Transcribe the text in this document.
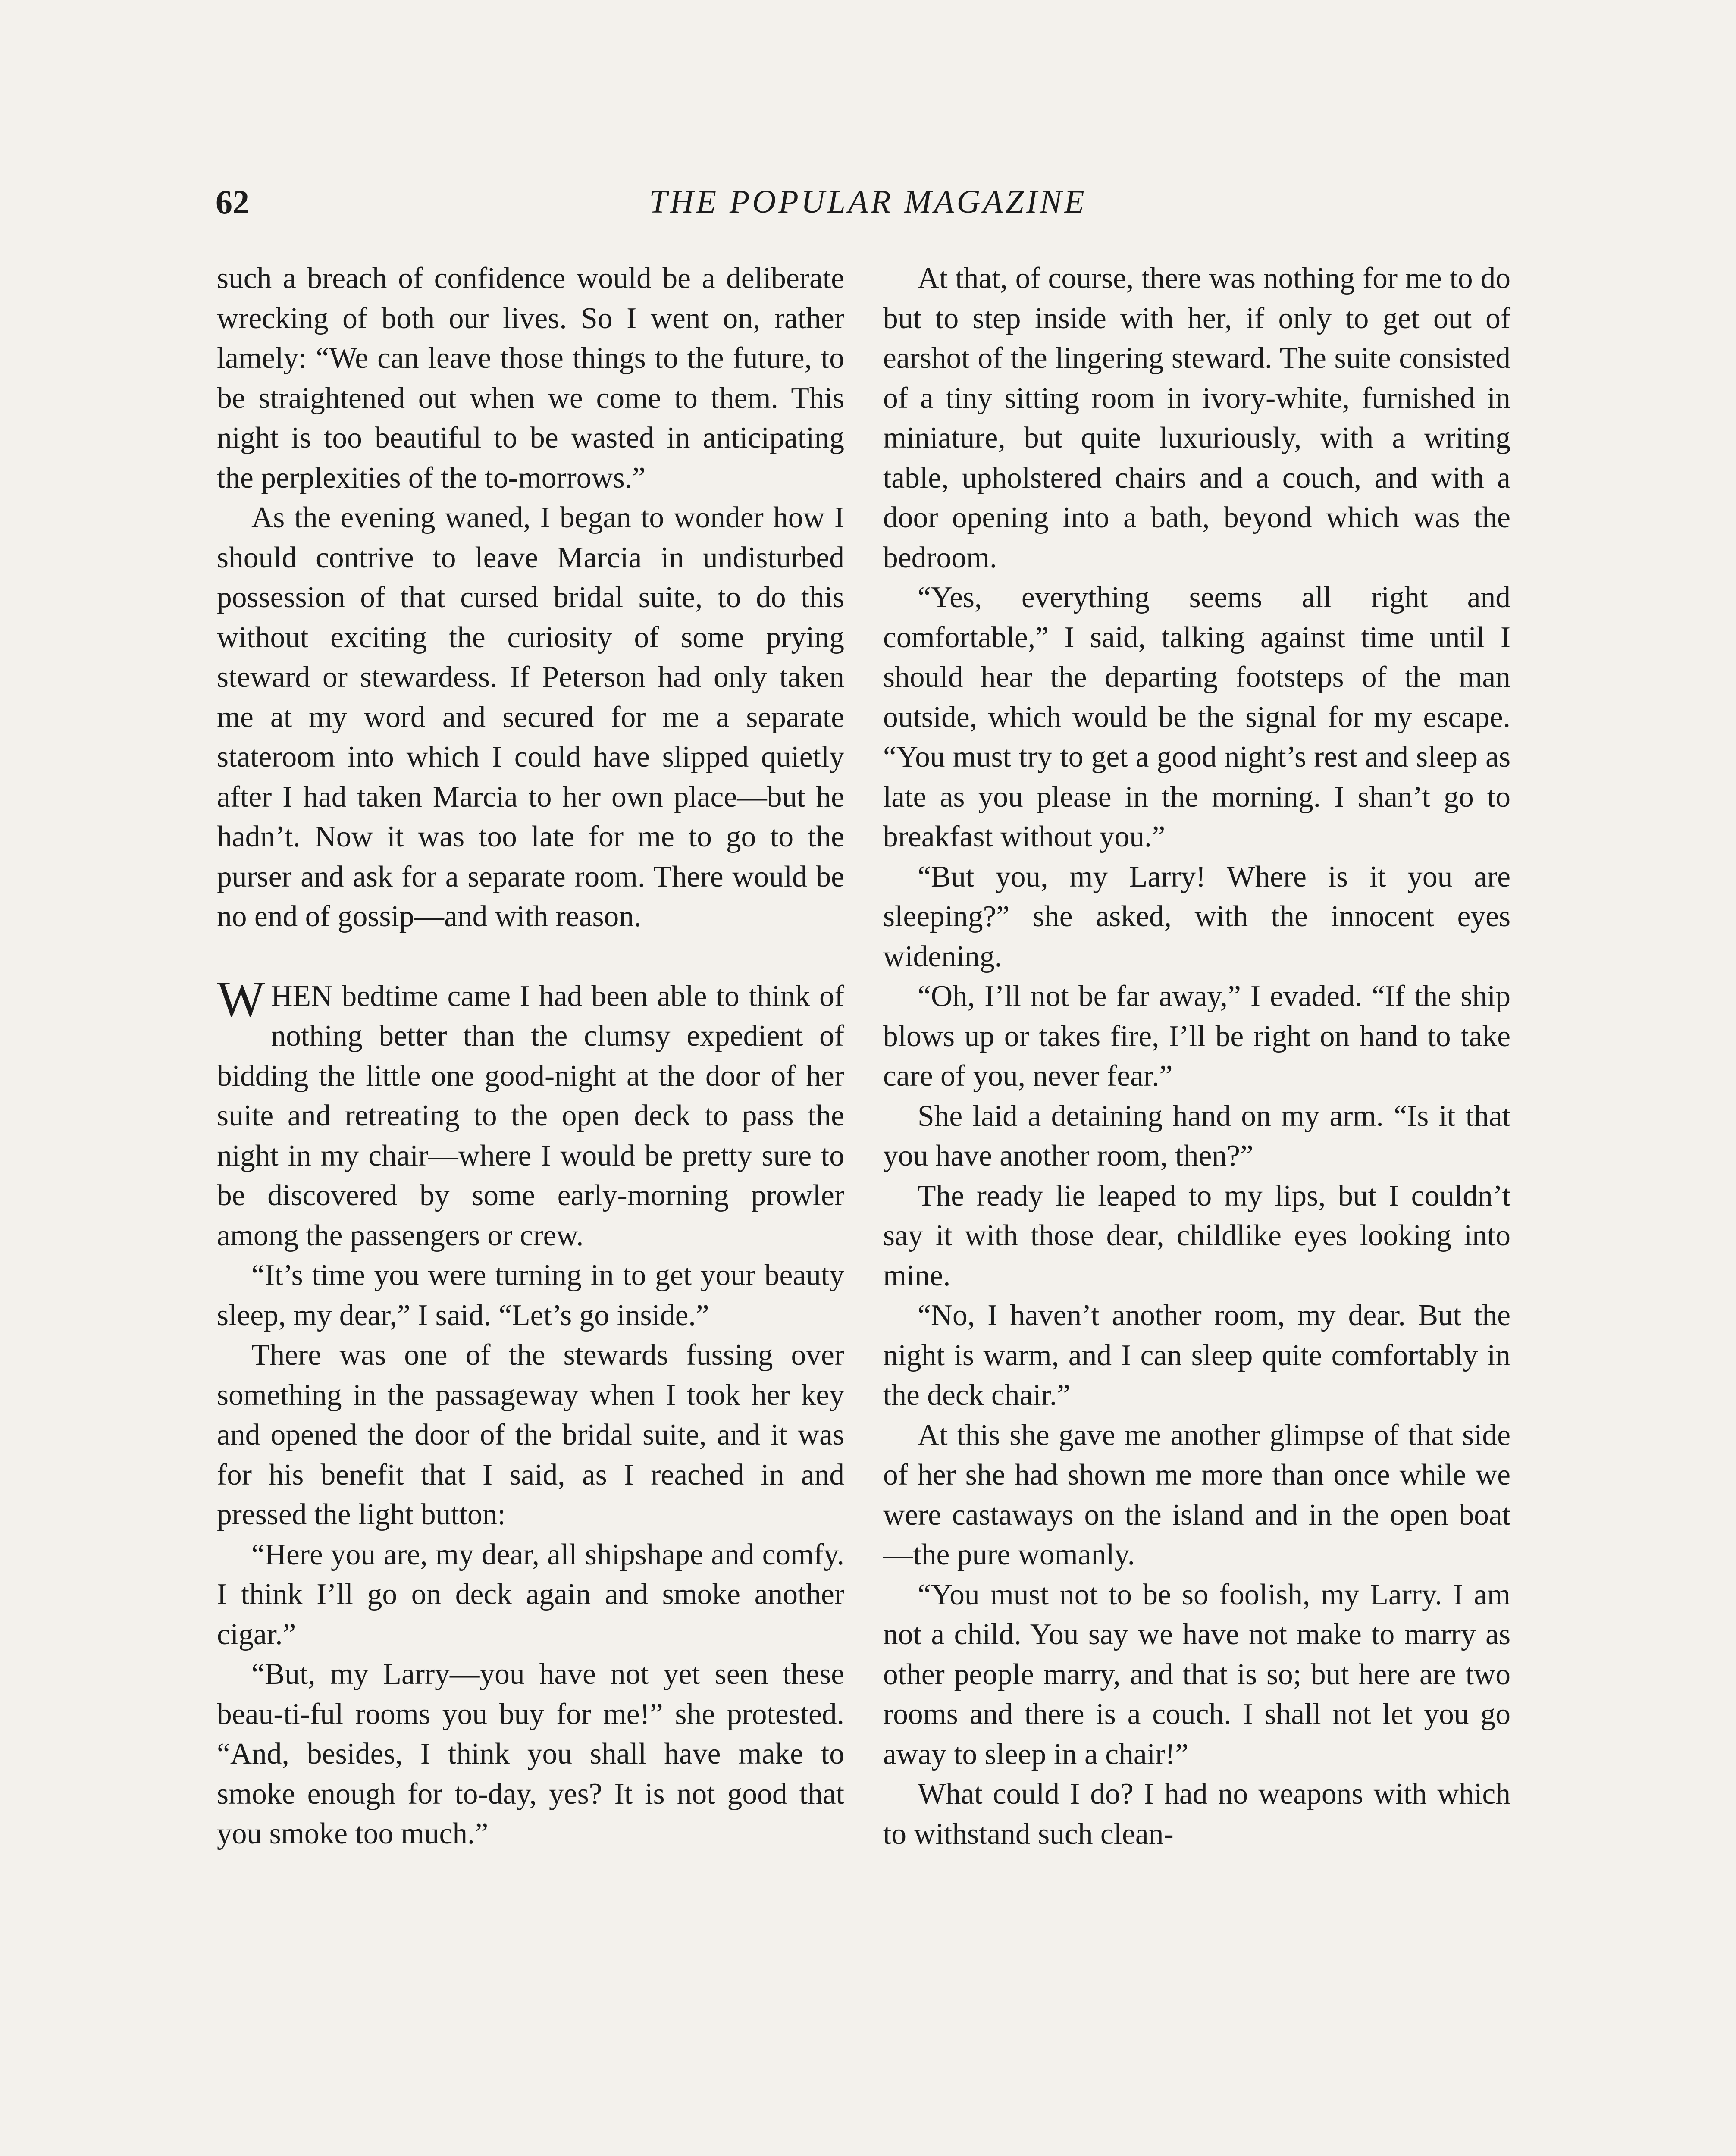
62	THE POPULAR MAGAZINE

such a breach of confidence would be a deliberate wrecking of both our lives. So I went on, rather lamely: “We can leave those things to the future, to be straightened out when we come to them. This night is too beautiful to be wasted in anticipating the perplexities of the to-morrows.”

As the evening waned, I began to wonder how I should contrive to leave Marcia in undisturbed possession of that cursed bridal suite, to do this without exciting the curiosity of some prying steward or stewardess. If Peterson had only taken me at my word and secured for me a separate stateroom into which I could have slipped quietly after I had taken Marcia to her own place—but he hadn’t. Now it was too late for me to go to the purser and ask for a separate room. There would be no end of gossip—and with reason.

WHEN bedtime came I had been able to think of nothing better than the clumsy expedient of bidding the little one good-night at the door of her suite and retreating to the open deck to pass the night in my chair—where I would be pretty sure to be discovered by some early-morning prowler among the passengers or crew.

“It’s time you were turning in to get your beauty sleep, my dear,” I said. “Let’s go inside.”

There was one of the stewards fussing over something in the passageway when I took her key and opened the door of the bridal suite, and it was for his benefit that I said, as I reached in and pressed the light button:

“Here you are, my dear, all shipshape and comfy. I think I’ll go on deck again and smoke another cigar.”

“But, my Larry—you have not yet seen these beau-ti-ful rooms you buy for me!” she protested. “And, besides, I think you shall have make to smoke enough for to-day, yes? It is not good that you smoke too much.”

At that, of course, there was nothing for me to do but to step inside with her, if only to get out of earshot of the lingering steward. The suite consisted of a tiny sitting room in ivory-white, furnished in miniature, but quite luxuriously, with a writing table, upholstered chairs and a couch, and with a door opening into a bath, beyond which was the bedroom.

“Yes, everything seems all right and comfortable,” I said, talking against time until I should hear the departing footsteps of the man outside, which would be the signal for my escape. “You must try to get a good night’s rest and sleep as late as you please in the morning. I shan’t go to breakfast without you.”

“But you, my Larry! Where is it you are sleeping?” she asked, with the innocent eyes widening.

“Oh, I’ll not be far away,” I evaded. “If the ship blows up or takes fire, I’ll be right on hand to take care of you, never fear.”

She laid a detaining hand on my arm. “Is it that you have another room, then?”

The ready lie leaped to my lips, but I couldn’t say it with those dear, childlike eyes looking into mine.

“No, I haven’t another room, my dear. But the night is warm, and I can sleep quite comfortably in the deck chair.”

At this she gave me another glimpse of that side of her she had shown me more than once while we were castaways on the island and in the open boat—the pure womanly.

“You must not to be so foolish, my Larry. I am not a child. You say we have not make to marry as other people marry, and that is so; but here are two rooms and there is a couch. I shall not let you go away to sleep in a chair!”

What could I do? I had no weapons with which to withstand such clean-
